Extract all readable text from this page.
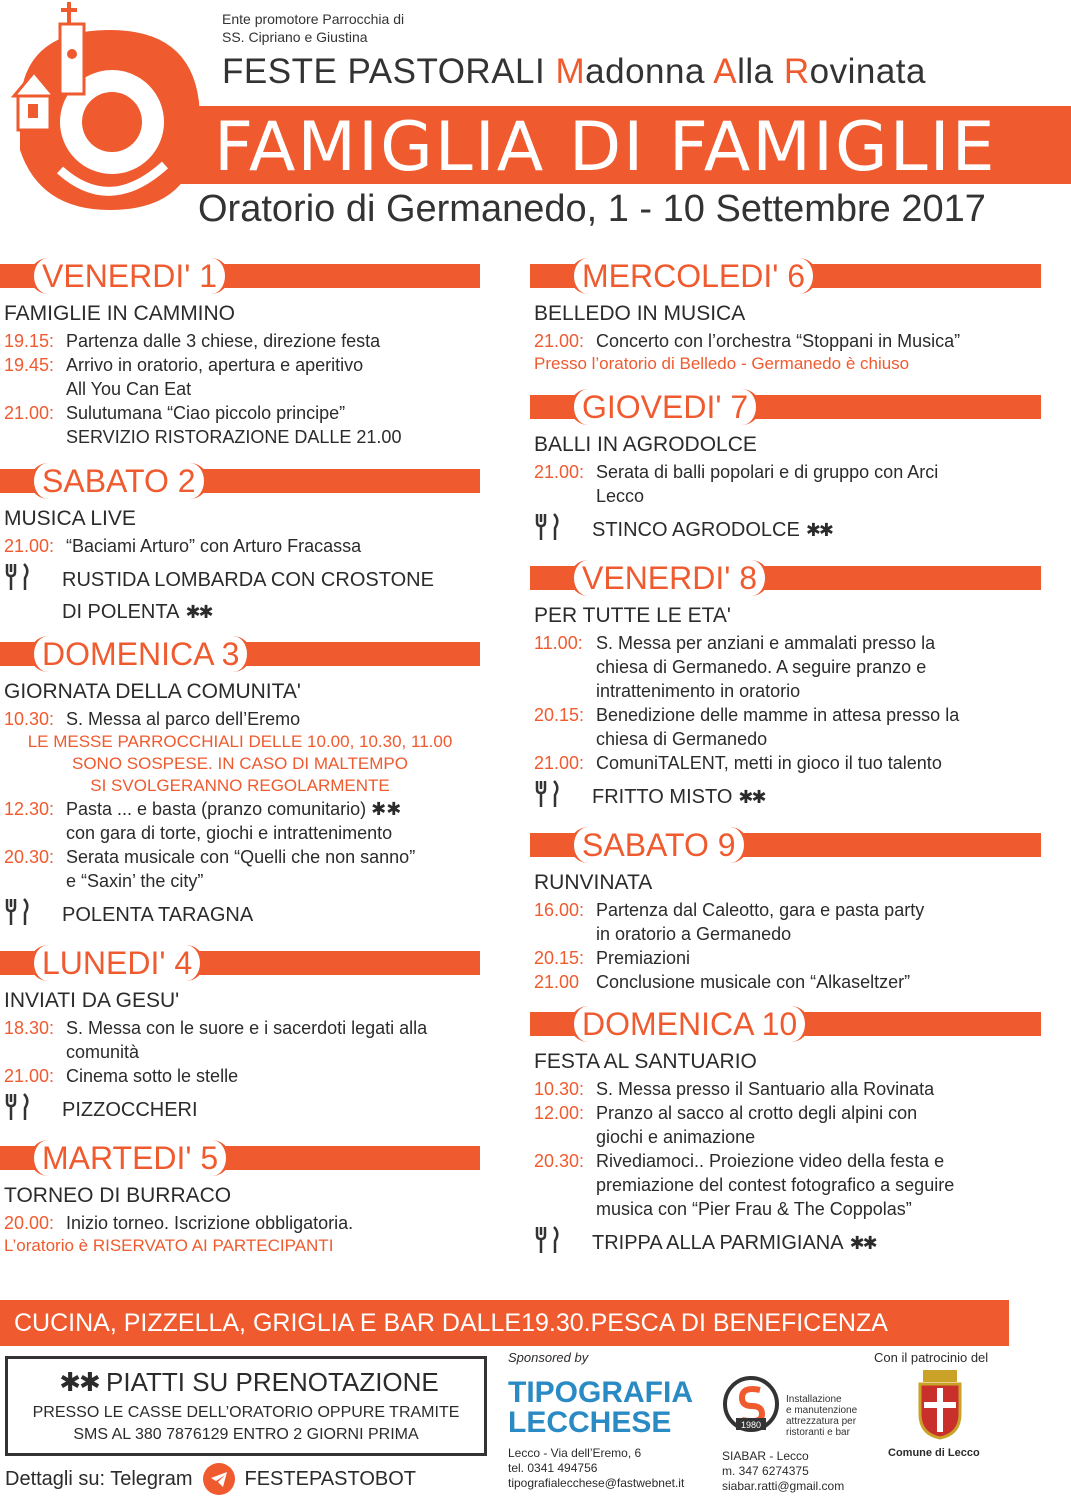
Ente promotore Parrocchia di
SS. Cipriano e Giustina
FESTE PASTORALI Madonna Alla Rovinata
FAMIGLIA DI FAMIGLIE
Oratorio di Germanedo, 1 - 10 Settembre 2017
VENERDI' 1
FAMIGLIE IN CAMMINO
19.15: Partenza dalle 3 chiese, direzione festa
19.45: Arrivo in oratorio, apertura e aperitivo
All You Can Eat
21.00: Sulutumana “Ciao piccolo principe”
SERVIZIO RISTORAZIONE DALLE 21.00
SABATO 2
MUSICA LIVE
21.00: “Baciami Arturo” con Arturo Fracassa
RUSTIDA LOMBARDA CON CROSTONE
DI POLENTA ✱✱
DOMENICA 3
GIORNATA DELLA COMUNITA'
10.30: S. Messa al parco dell’Eremo
LE MESSE PARROCCHIALI DELLE 10.00, 10.30, 11.00
SONO SOSPESE. IN CASO DI MALTEMPO
SI SVOLGERANNO REGOLARMENTE
12.30: Pasta ... e basta (pranzo comunitario) ✱✱
con gara di torte, giochi e intrattenimento
20.30: Serata musicale con “Quelli che non sanno”
e “Saxin’ the city”
POLENTA TARAGNA
LUNEDI' 4
INVIATI DA GESU'
18.30: S. Messa con le suore e i sacerdoti legati alla
comunità
21.00: Cinema sotto le stelle
PIZZOCCHERI
MARTEDI' 5
TORNEO DI BURRACO
20.00: Inizio torneo. Iscrizione obbligatoria.
L’oratorio è RISERVATO AI PARTECIPANTI
MERCOLEDI' 6
BELLEDO IN MUSICA
21.00: Concerto con l’orchestra “Stoppani in Musica”
Presso l’oratorio di Belledo - Germanedo è chiuso
GIOVEDI' 7
BALLI IN AGRODOLCE
21.00: Serata di balli popolari e di gruppo con Arci
Lecco
STINCO AGRODOLCE ✱✱
VENERDI' 8
PER TUTTE LE ETA'
11.00: S. Messa per anziani e ammalati presso la
chiesa di Germanedo. A seguire pranzo e
intrattenimento in oratorio
20.15: Benedizione delle mamme in attesa presso la
chiesa di Germanedo
21.00: ComuniTALENT, metti in gioco il tuo talento
FRITTO MISTO ✱✱
SABATO 9
RUNVINATA
16.00: Partenza dal Caleotto, gara e pasta party
in oratorio a Germanedo
20.15: Premiazioni
21.00 Conclusione musicale con “Alkaseltzer”
DOMENICA 10
FESTA AL SANTUARIO
10.30: S. Messa presso il Santuario alla Rovinata
12.00: Pranzo al sacco al crotto degli alpini con
giochi e animazione
20.30: Rivediamoci.. Proiezione video della festa e
premiazione del contest fotografico a seguire
musica con “Pier Frau & The Coppolas”
TRIPPA ALLA PARMIGIANA ✱✱
CUCINA, PIZZELLA, GRIGLIA E BAR DALLE19.30.PESCA DI BENEFICENZA
✱✱ PIATTI SU PRENOTAZIONE
PRESSO LE CASSE DELL’ORATORIO OPPURE TRAMITE
SMS AL 380 7876129 ENTRO 2 GIORNI PRIMA
Dettagli su: Telegram	FESTEPASTOBOT
Sponsored by
TIPOGRAFIA
LECCHESE
Lecco - Via dell’Eremo, 6
tel. 0341 494756
tipografialecchese@fastwebnet.it
1980
Installazione
e manutenzione
attrezzatura per
ristoranti e bar
SIABAR - Lecco
m. 347 6274375
siabar.ratti@gmail.com
Con il patrocinio del
Comune di Lecco
